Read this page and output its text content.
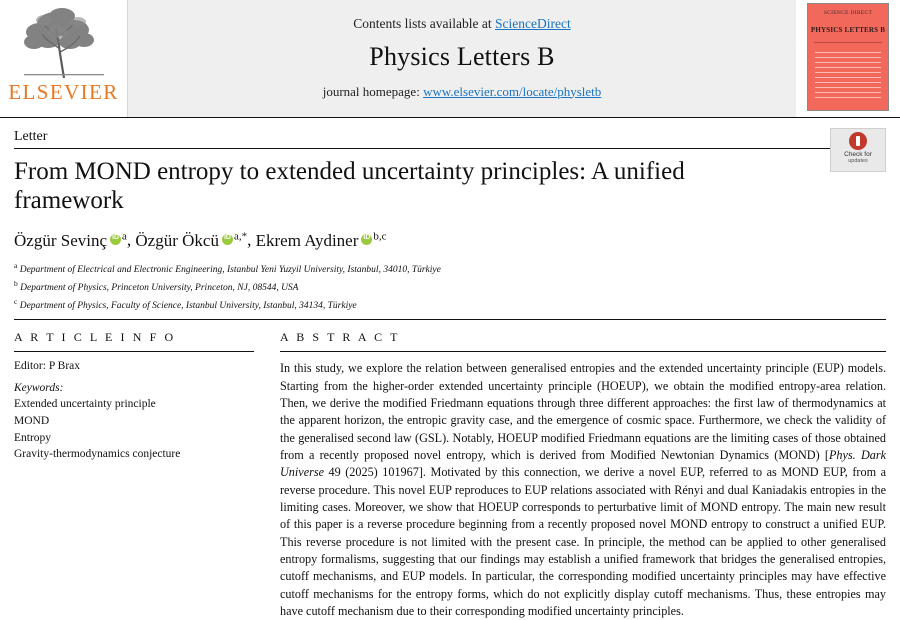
ELSEVIER
Contents lists available at ScienceDirect
Physics Letters B
journal homepage: www.elsevier.com/locate/physletb
SCIENCE DIRECT
PHYSICS LETTERS B
Check for
updates
Letter
From MOND entropy to extended uncertainty principles: A unified framework
Özgür Sevinç iD $^a$, Özgür Ökcü iD $^{a,*}$, Ekrem Aydiner iD $^{b,c}$
$^a$ Department of Electrical and Electronic Engineering, Istanbul Yeni Yuzyil University, Istanbul, 34010, Türkiye
$^b$ Department of Physics, Princeton University, Princeton, NJ, 08544, USA
$^c$ Department of Physics, Faculty of Science, Istanbul University, Istanbul, 34134, Türkiye
A R T I C L E I N F O
Editor: P Brax
Keywords:
Extended uncertainty principle
MOND
Entropy
Gravity-thermodynamics conjecture
A B S T R A C T
In this study, we explore the relation between generalised entropies and the extended uncertainty principle (EUP) models. Starting from the higher-order extended uncertainty principle (HOEUP), we obtain the modified entropy-area relation. Then, we derive the modified Friedmann equations through three different approaches: the first law of thermodynamics at the apparent horizon, the entropic gravity case, and the emergence of cosmic space. Furthermore, we check the validity of the generalised second law (GSL). Notably, HOEUP modified Friedmann equations are the limiting cases of those obtained from a recently proposed novel entropy, which is derived from Modified Newtonian Dynamics (MOND) [Phys. Dark Universe 49 (2025) 101967]. Motivated by this connection, we derive a novel EUP, referred to as MOND EUP, from a reverse procedure. This novel EUP reproduces to EUP relations associated with Rényi and dual Kaniadakis entropies in the limiting cases. Moreover, we show that HOEUP corresponds to perturbative limit of MOND entropy. The main new result of this paper is a reverse procedure beginning from a recently proposed novel MOND entropy to construct a unified EUP. This reverse procedure is not limited with the present case. In principle, the method can be applied to other generalised entropy formalisms, suggesting that our findings may establish a unified framework that bridges the generalised entropies, cutoff mechanisms, and EUP models. In particular, the corresponding modified uncertainty principles may have effective cutoff mechanisms for the entropy forms, which do not explicitly display cutoff mechanisms. Thus, these entropies may have cutoff mechanism due to their corresponding modified uncertainty principles.
